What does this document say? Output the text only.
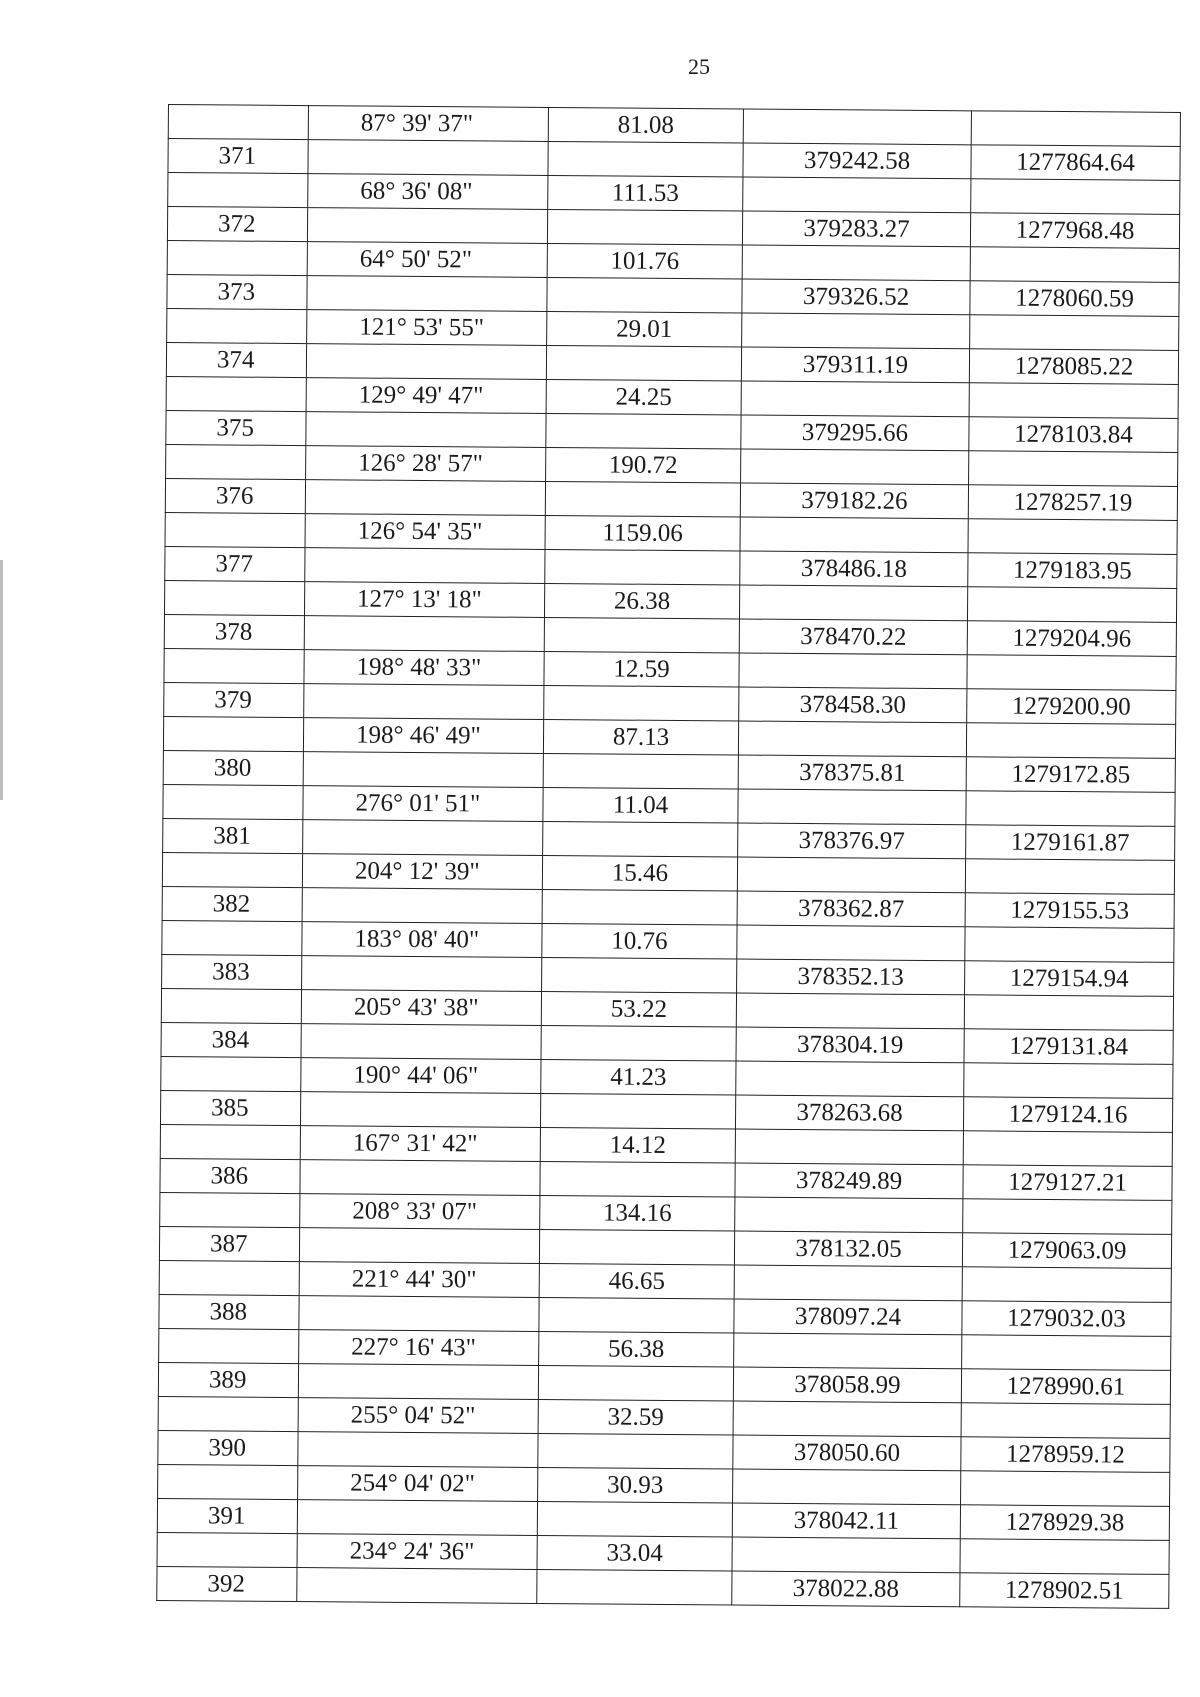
25
	87° 39' 37"	81.08		
371			379242.58	1277864.64
	68° 36' 08"	111.53		
372			379283.27	1277968.48
	64° 50' 52"	101.76		
373			379326.52	1278060.59
	121° 53' 55"	29.01		
374			379311.19	1278085.22
	129° 49' 47"	24.25		
375			379295.66	1278103.84
	126° 28' 57"	190.72		
376			379182.26	1278257.19
	126° 54' 35"	1159.06		
377			378486.18	1279183.95
	127° 13' 18"	26.38		
378			378470.22	1279204.96
	198° 48' 33"	12.59		
379			378458.30	1279200.90
	198° 46' 49"	87.13		
380			378375.81	1279172.85
	276° 01' 51"	11.04		
381			378376.97	1279161.87
	204° 12' 39"	15.46		
382			378362.87	1279155.53
	183° 08' 40"	10.76		
383			378352.13	1279154.94
	205° 43' 38"	53.22		
384			378304.19	1279131.84
	190° 44' 06"	41.23		
385			378263.68	1279124.16
	167° 31' 42"	14.12		
386			378249.89	1279127.21
	208° 33' 07"	134.16		
387			378132.05	1279063.09
	221° 44' 30"	46.65		
388			378097.24	1279032.03
	227° 16' 43"	56.38		
389			378058.99	1278990.61
	255° 04' 52"	32.59		
390			378050.60	1278959.12
	254° 04' 02"	30.93		
391			378042.11	1278929.38
	234° 24' 36"	33.04		
392			378022.88	1278902.51
